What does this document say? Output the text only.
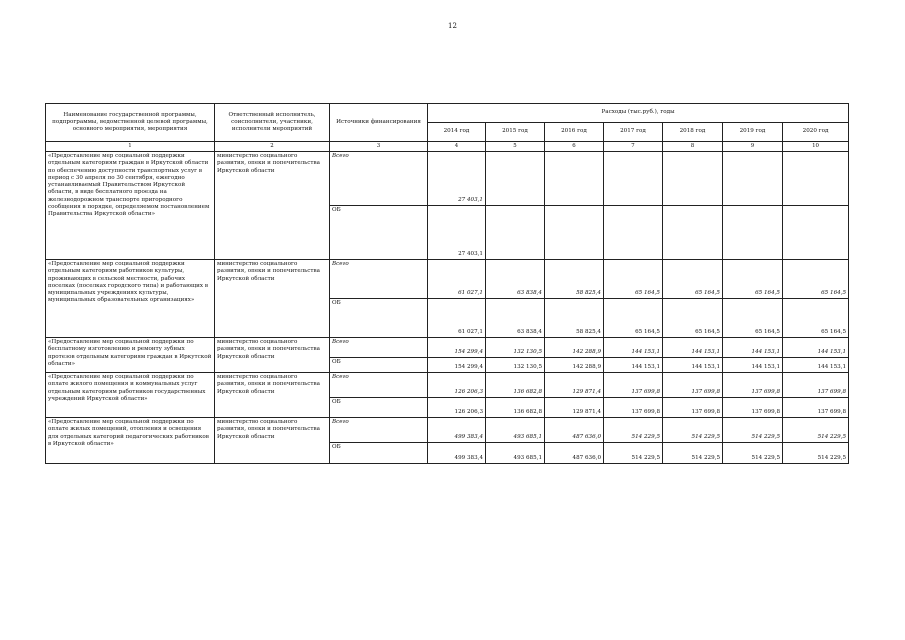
12
Наименование государственной программы, подпрограммы, ведомственной целевой программы, основного мероприятия, мероприятия	Ответственный исполнитель, соисполнители, участники, исполнители мероприятий	Источники финансирования	Расходы (тыс.руб.), годы						
			2014 год	2015 год	2016 год	2017 год	2018 год	2019 год	2020 год
1	2	3	4	5	6	7	8	9	10
«Предоставление мер социальной поддержки отдельным категориям граждан в Иркутской области по обеспечению доступности транспортных услуг в период с 30 апреля по 30 сентября, ежегодно устанавливаемый Правительством Иркутской области, в виде бесплатного проезда на железнодорожном транспорте пригородного сообщения в порядке, определяемом постановлением Правительства Иркутской области»	министерство социального развития, опеки и попечительства Иркутской области	Всего	27 403,1						
		ОБ	27 403,1						
«Предоставление мер социальной поддержки отдельным категориям работников культуры, проживающих в сельской местности, рабочих поселках (поселках городского типа) и работающих в муниципальных учреждениях культуры, муниципальных образовательных организациях»	министерство социального развития, опеки и попечительства Иркутской области	Всего	61 027,1	63 838,4	58 825,4	65 164,5	65 164,5	65 164,5	65 164,5
		ОБ	61 027,1	63 838,4	58 825,4	65 164,5	65 164,5	65 164,5	65 164,5
«Предоставление мер социальной поддержки по бесплатному изготовлению и ремонту зубных протезов отдельным категориям граждан в Иркутской области»	министерство социального развития, опеки и попечительства Иркутской области	Всего	154 299,4	132 130,5	142 288,9	144 153,1	144 153,1	144 153,1	144 153,1
		ОБ	154 299,4	132 130,5	142 288,9	144 153,1	144 153,1	144 153,1	144 153,1
«Предоставление мер социальной поддержки по оплате жилого помещения и коммунальных услуг отдельным категориям работников государственных учреждений Иркутской области»	министерство социального развития, опеки и попечительства Иркутской области	Всего	126 206,3	136 682,8	129 871,4	137 699,8	137 699,8	137 699,8	137 699,8
		ОБ	126 206,3	136 682,8	129 871,4	137 699,8	137 699,8	137 699,8	137 699,8
«Предоставление мер социальной поддержки по оплате жилых помещений, отопления и освещения для отдельных категорий педагогических работников в Иркутской области»	министерство социального развития, опеки и попечительства Иркутской области	Всего	499 383,4	493 685,1	487 636,0	514 229,5	514 229,5	514 229,5	514 229,5
		ОБ	499 383,4	493 685,1	487 636,0	514 229,5	514 229,5	514 229,5	514 229,5
